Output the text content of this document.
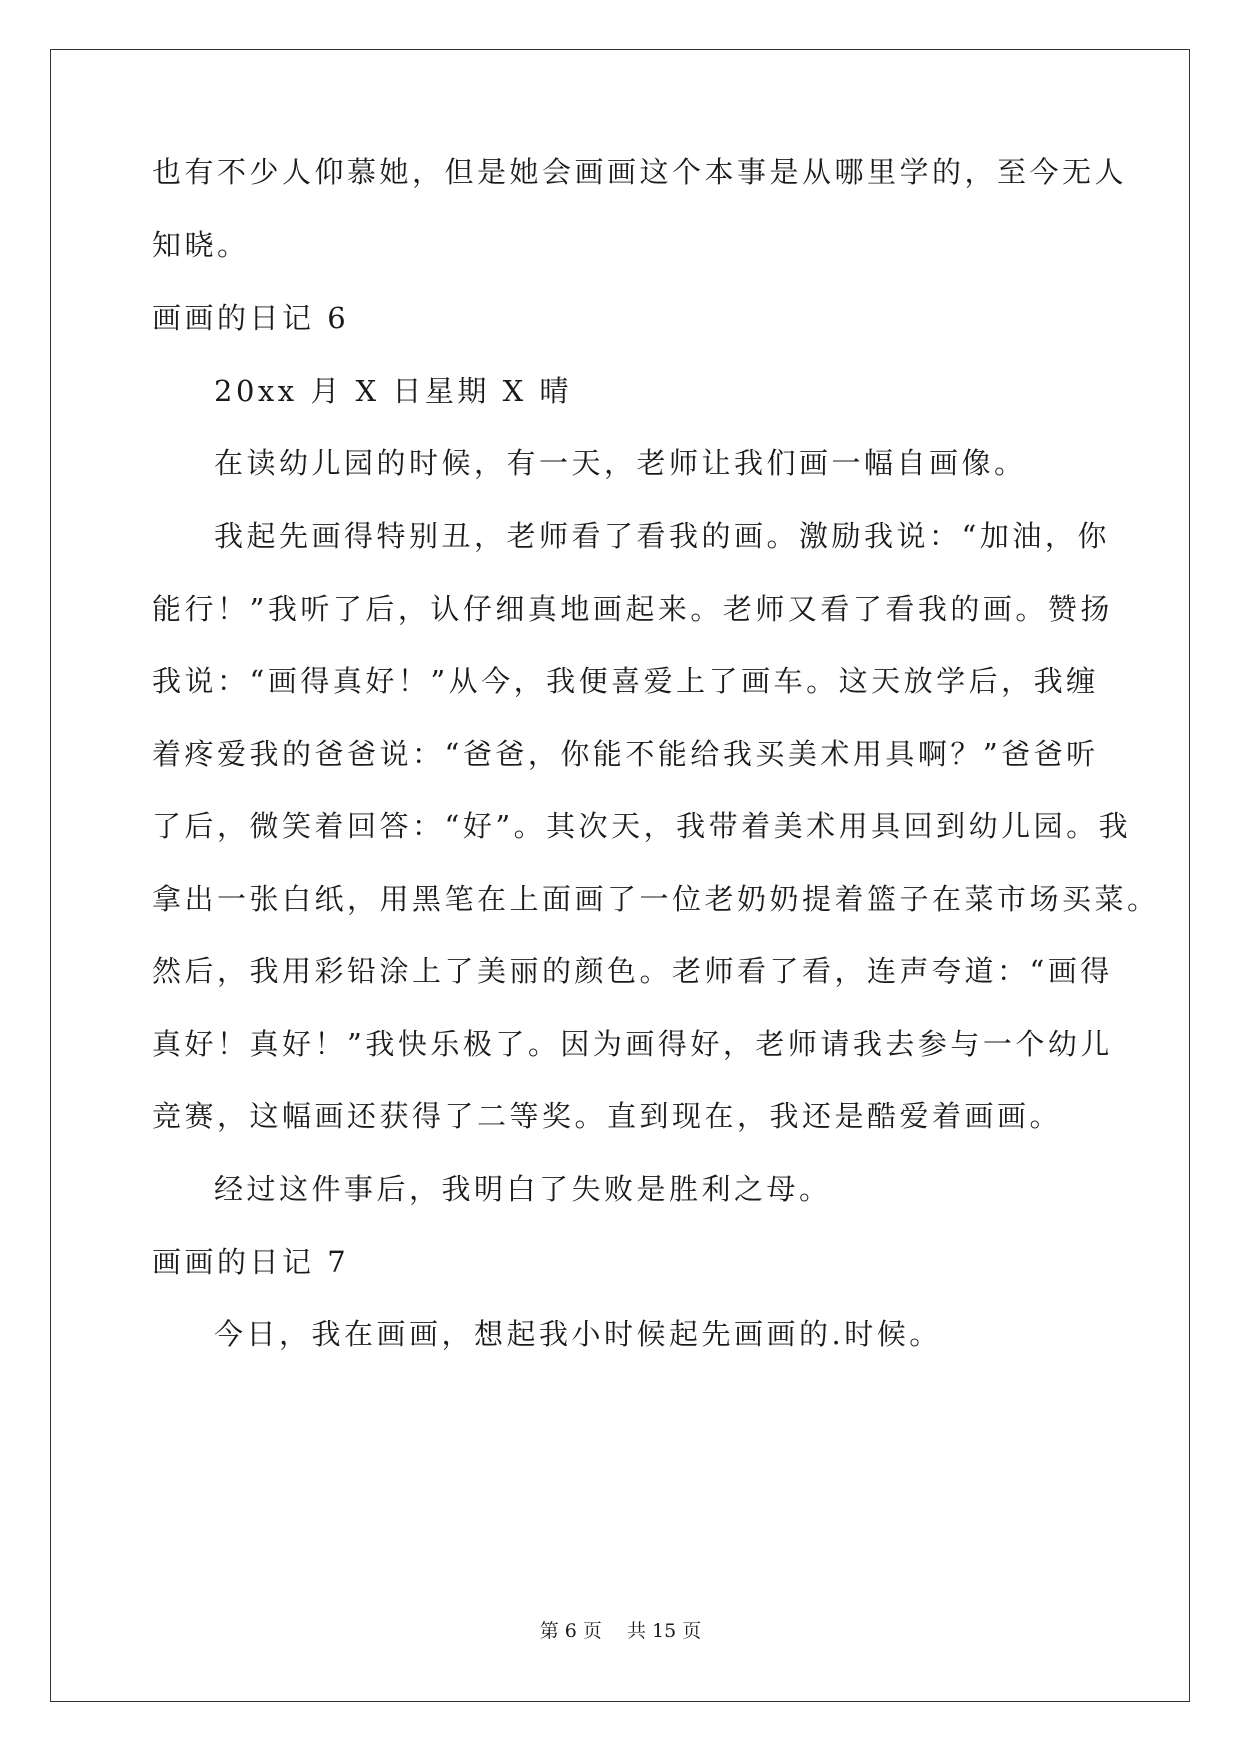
也有不少人仰慕她，但是她会画画这个本事是从哪里学的，至今无人
知晓。
画画的日记 6
20xx 月 X 日星期 X 晴
在读幼儿园的时候，有一天，老师让我们画一幅自画像。
我起先画得特别丑，老师看了看我的画。激励我说：“加油，你
能行！”我听了后，认仔细真地画起来。老师又看了看我的画。赞扬
我说：“画得真好！”从今，我便喜爱上了画车。这天放学后，我缠
着疼爱我的爸爸说：“爸爸，你能不能给我买美术用具啊？”爸爸听
了后，微笑着回答：“好”。其次天，我带着美术用具回到幼儿园。我
拿出一张白纸，用黑笔在上面画了一位老奶奶提着篮子在菜市场买菜。
然后，我用彩铅涂上了美丽的颜色。老师看了看，连声夸道：“画得
真好！真好！”我快乐极了。因为画得好，老师请我去参与一个幼儿
竞赛，这幅画还获得了二等奖。直到现在，我还是酷爱着画画。
经过这件事后，我明白了失败是胜利之母。
画画的日记 7
今日，我在画画，想起我小时候起先画画的.时候。
第 6 页　 共 15 页
